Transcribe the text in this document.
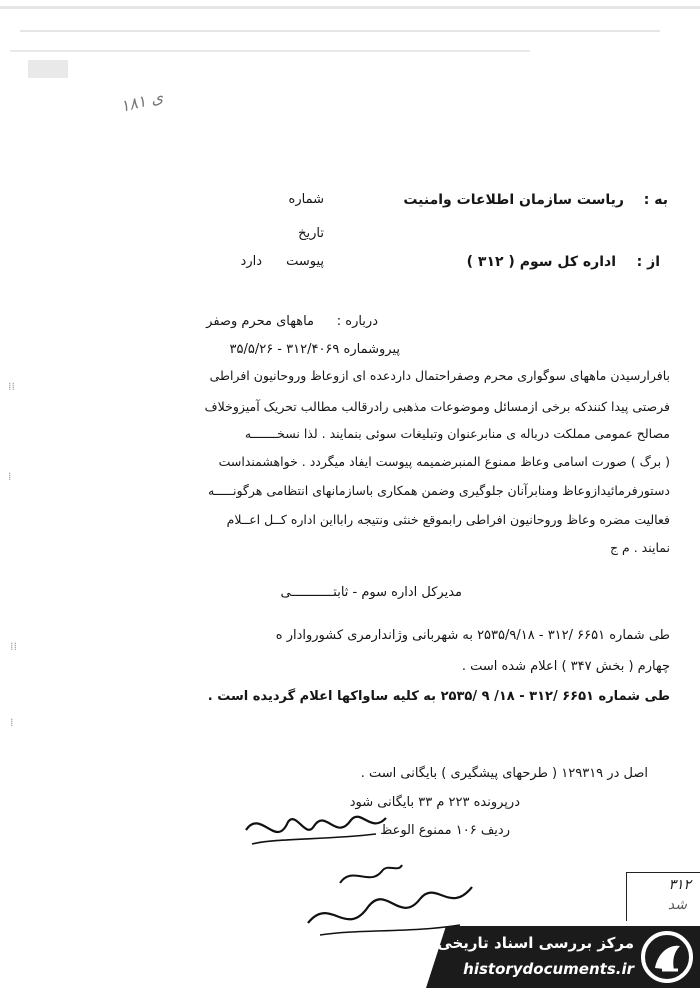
ی ۱۸۱
به :
ریاست سازمان اطلاعات وامنیت
شماره
تاریخ
از :
اداره کل سوم ( ۳۱۲ )
پیوست
دارد
درباره :
ماههای محرم وصفر
پیروشماره ۳۱۲/۴۰۶۹ - ۳۵/۵/۲۶
بافرارسیدن ماههای سوگواری محرم وصفراحتمال داردعده ای ازوعاظ وروحانیون افراطی
فرصتی پیدا کنندکه برخی ازمسائل وموضوعات مذهبی رادرقالب مطالب تحریک آمیزوخلاف
مصالح عمومی مملکت درباله ی منابرعنوان وتبلیغات سوئی بنمایند . لذا نسخـــــــه
( برگ ) صورت اسامی وعاظ ممنوع المنبرضمیمه پیوست ایفاد میگردد . خواهشمنداست
دستورفرمائیدازوعاظ ومنابرآنان جلوگیری وضمن همکاری باسازمانهای انتظامی هرگونـــــه
فعالیت مضره وعاظ وروحانیون افراطی رابموقع خنثی ونتیجه رابااین اداره کــل اعــلام
نمایند . م ج
مدیرکل اداره سوم - ثابتـــــــــــی
طی شماره ۶۶۵۱ /۳۱۲ - ۲۵۳۵/۹/۱۸ به شهربانی وژاندارمری کشوروادار ه
چهارم ( بخش ۳۴۷ ) اعلام شده است .
طی شماره ۶۶۵۱ /۳۱۲ - ۱۸/ ۹ /۲۵۳۵ به کلیه ساواکها اعلام گردیده است .
اصل در ۱۲۹۳۱۹ ( طرحهای پیشگیری ) بایگانی است .
درپرونده ۲۲۳ م ۳۳ بایگانی شود
ردیف ۱۰۶ ممنوع الوعظ
⁞⁞
⁞
⁞⁞
⁞
۳۱۲
شد
مرکز بررسی اسناد تاریخی
historydocuments.ir
